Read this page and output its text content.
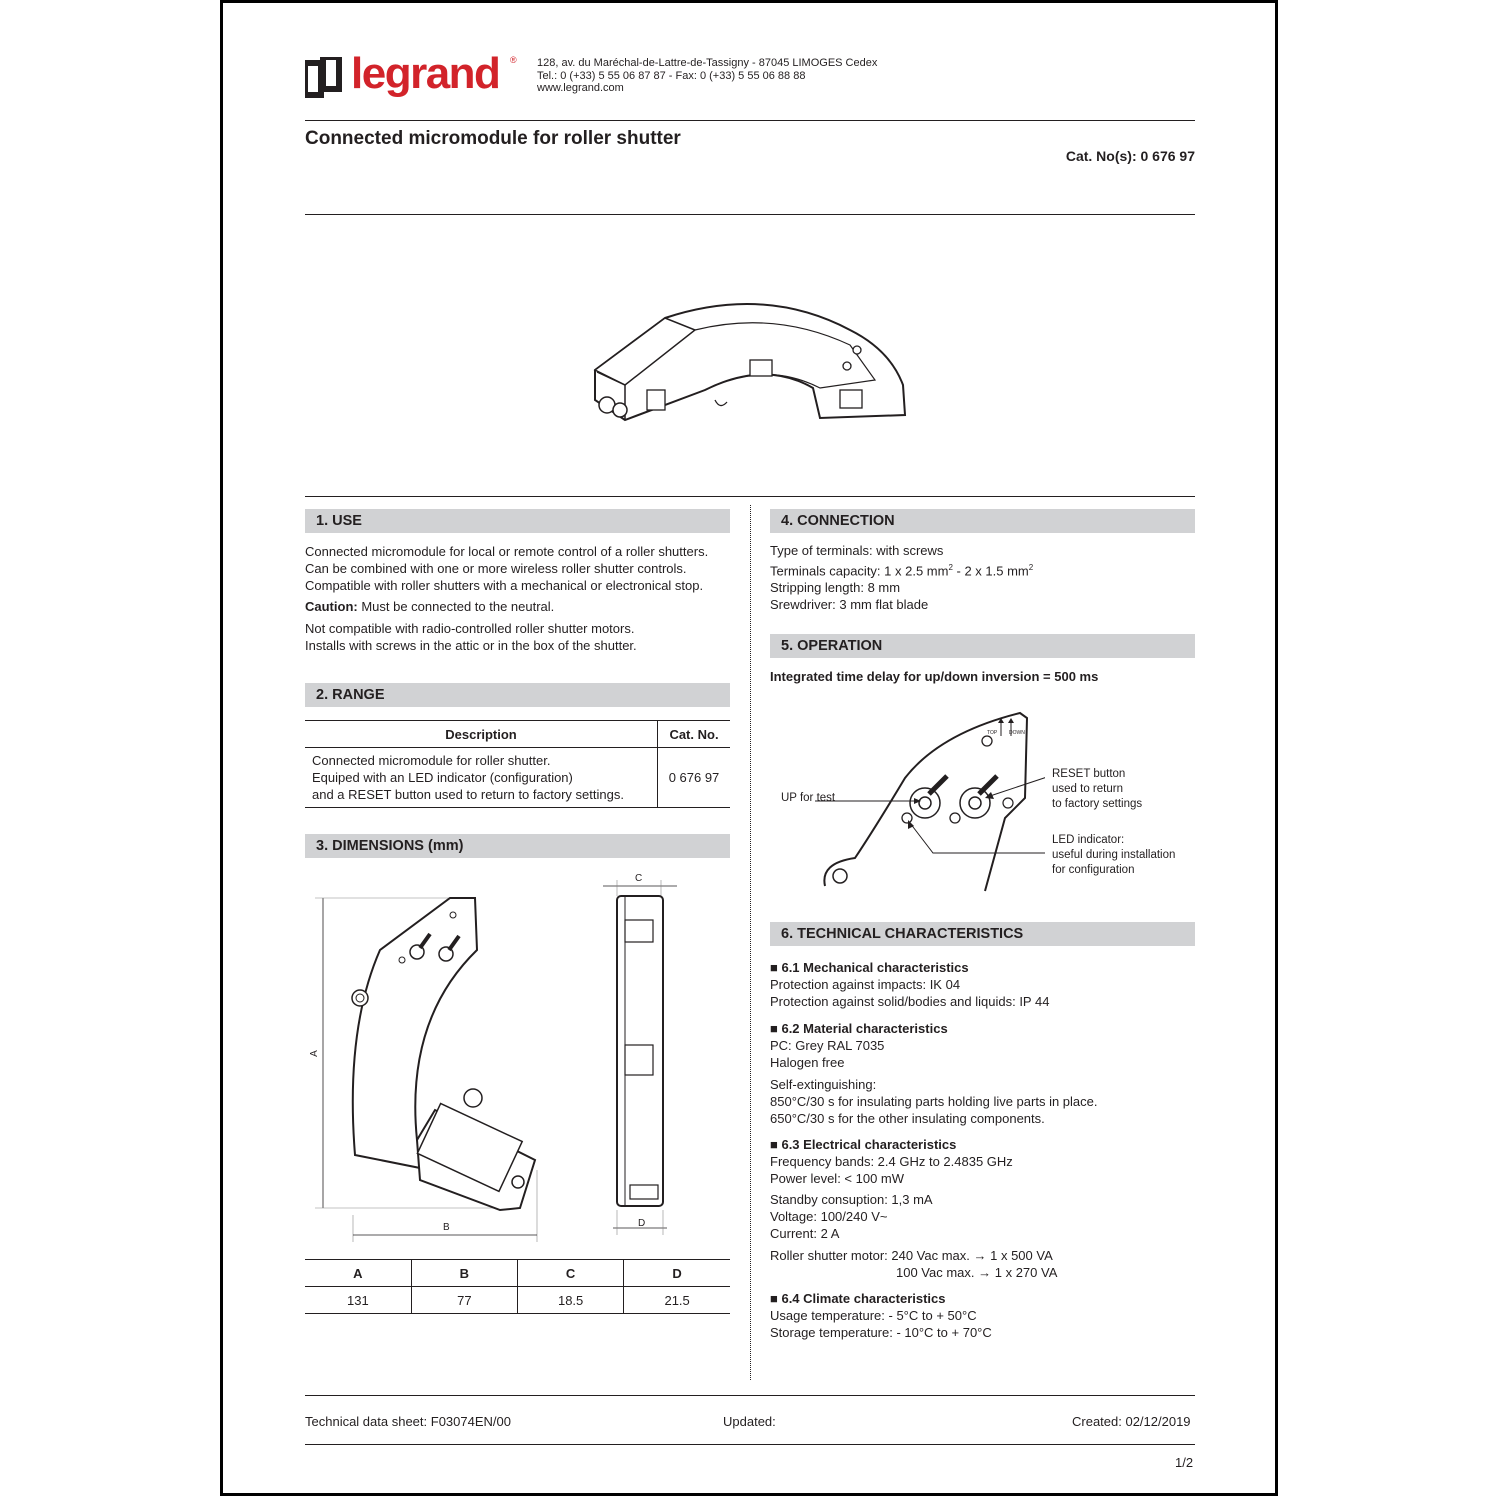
legrand ® 128, av. du Maréchal-de-Lattre-de-Tassigny - 87045 LIMOGES Cedex

Tel.: 0 (+33) 5 55 06 87 87 - Fax: 0 (+33) 5 55 06 88 88

www.legrand.com

Connected micromodule for roller shutter
Cat. No(s): 0 676 97
1. USE

Connected micromodule for local or remote control of a roller shutters.

Can be combined with one or more wireless roller shutter controls.

Compatible with roller shutters with a mechanical or electronical stop.

Caution: Must be connected to the neutral.

Not compatible with radio-controlled roller shutter motors.

Installs with screws in the attic or in the box of the shutter.

2. RANGE
Description	Cat. No.

Connected micromodule for roller shutter.
Equiped with an LED indicator (configuration)
and a RESET button used to return to factory settings.	0 676 97
3. DIMENSIONS (mm)
A
B
C
D
A	B	C	D
131	77	18.5	21.5
4. CONNECTION

Type of terminals: with screws

Terminals capacity: 1 x 2.5 $mm^2 - 2$ x 1.5 $mm^2$

Stripping length: 8 mm

Srewdriver: 3 mm flat blade

5. OPERATION
Integrated time delay for up/down inversion = 500 ms
TOP DOWN
UP for test

RESET button

used to return

to factory settings

LED indicator:

useful during installation

for configuration

6. TECHNICAL CHARACTERISTICS

■ 6.1 Mechanical characteristics

Protection against impacts: IK 04

Protection against solid/bodies and liquids: IP 44

■ 6.2 Material characteristics

PC: Grey RAL 7035

Halogen free

Self-extinguishing:

850°C/30 s for insulating parts holding live parts in place.

650°C/30 s for the other insulating components.

■ 6.3 Electrical characteristics

Frequency bands: 2.4 GHz to 2.4835 GHz

Power level: < 100 mW

Standby consuption: 1,3 mA

Voltage: 100/240 V~

Current: 2 A

Roller shutter motor: 240 Vac max. → 1 x 500 VA

100 Vac max. → 1 x 270 VA

■ 6.4 Climate characteristics

Usage temperature: - 5°C to + 50°C

Storage temperature: - 10°C to + 70°C

Technical data sheet: F03074EN/00	Updated:	Created: 02/12/2019
1/2
